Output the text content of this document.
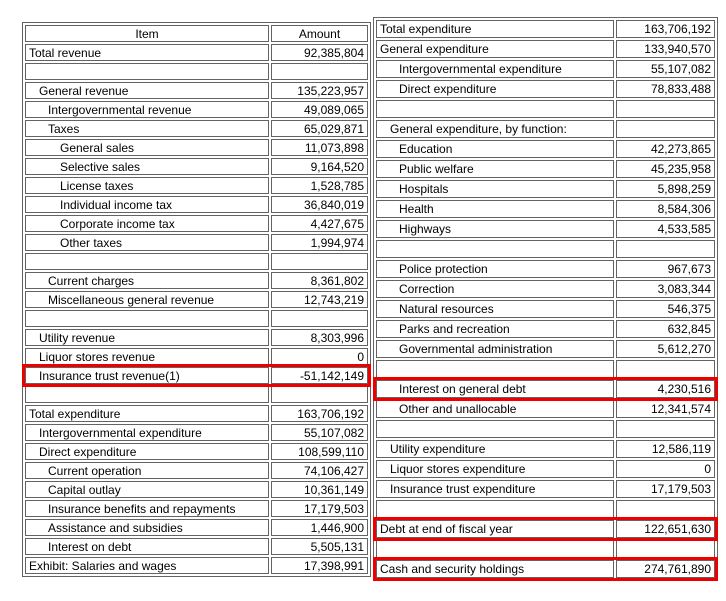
Item	Amount
Total revenue	92,385,804

General revenue	135,223,957
Intergovernmental revenue	49,089,065
Taxes	65,029,871
General sales	11,073,898
Selective sales	9,164,520
License taxes	1,528,785
Individual income tax	36,840,019
Corporate income tax	4,427,675
Other taxes	1,994,974

Current charges	8,361,802
Miscellaneous general revenue	12,743,219

Utility revenue	8,303,996
Liquor stores revenue	0
Insurance trust revenue(1)	-51,142,149

Total expenditure	163,706,192
Intergovernmental expenditure	55,107,082
Direct expenditure	108,599,110
Current operation	74,106,427
Capital outlay	10,361,149
Insurance benefits and repayments	17,179,503
Assistance and subsidies	1,446,900
Interest on debt	5,505,131
Exhibit: Salaries and wages	17,398,991
Total expenditure	163,706,192
General expenditure	133,940,570
Intergovernmental expenditure	55,107,082
Direct expenditure	78,833,488

General expenditure, by function:	
Education	42,273,865
Public welfare	45,235,958
Hospitals	5,898,259
Health	8,584,306
Highways	4,533,585

Police protection	967,673
Correction	3,083,344
Natural resources	546,375
Parks and recreation	632,845
Governmental administration	5,612,270

Interest on general debt	4,230,516
Other and unallocable	12,341,574

Utility expenditure	12,586,119
Liquor stores expenditure	0
Insurance trust expenditure	17,179,503

Debt at end of fiscal year	122,651,630

Cash and security holdings	274,761,890
